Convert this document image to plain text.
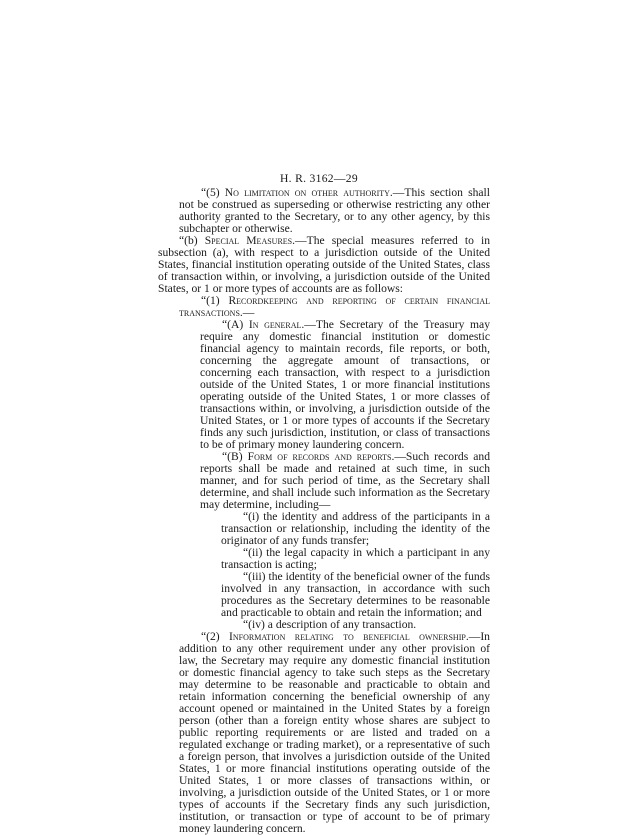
H. R. 3162—29

“(5) No limitation on other authority.—This section shall not be construed as superseding or otherwise restricting any other authority granted to the Secretary, or to any other agency, by this subchapter or otherwise.

“(b) Special Measures.—The special measures referred to in subsection (a), with respect to a jurisdiction outside of the United States, financial institution operating outside of the United States, class of transaction within, or involving, a jurisdiction outside of the United States, or 1 or more types of accounts are as follows:

“(1) Recordkeeping and reporting of certain financial transactions.—

“(A) In general.—The Secretary of the Treasury may require any domestic financial institution or domestic financial agency to maintain records, file reports, or both, concerning the aggregate amount of transactions, or concerning each transaction, with respect to a jurisdiction outside of the United States, 1 or more financial institutions operating outside of the United States, 1 or more classes of transactions within, or involving, a jurisdiction outside of the United States, or 1 or more types of accounts if the Secretary finds any such jurisdiction, institution, or class of transactions to be of primary money laundering concern.

“(B) Form of records and reports.—Such records and reports shall be made and retained at such time, in such manner, and for such period of time, as the Secretary shall determine, and shall include such information as the Secretary may determine, including—

“(i) the identity and address of the participants in a transaction or relationship, including the identity of the originator of any funds transfer;

“(ii) the legal capacity in which a participant in any transaction is acting;

“(iii) the identity of the beneficial owner of the funds involved in any transaction, in accordance with such procedures as the Secretary determines to be reasonable and practicable to obtain and retain the information; and

“(iv) a description of any transaction.

“(2) Information relating to beneficial ownership.—In addition to any other requirement under any other provision of law, the Secretary may require any domestic financial institution or domestic financial agency to take such steps as the Secretary may determine to be reasonable and practicable to obtain and retain information concerning the beneficial ownership of any account opened or maintained in the United States by a foreign person (other than a foreign entity whose shares are subject to public reporting requirements or are listed and traded on a regulated exchange or trading market), or a representative of such a foreign person, that involves a jurisdiction outside of the United States, 1 or more financial institutions operating outside of the United States, 1 or more classes of transactions within, or involving, a jurisdiction outside of the United States, or 1 or more types of accounts if the Secretary finds any such jurisdiction, institution, or transaction or type of account to be of primary money laundering concern.
